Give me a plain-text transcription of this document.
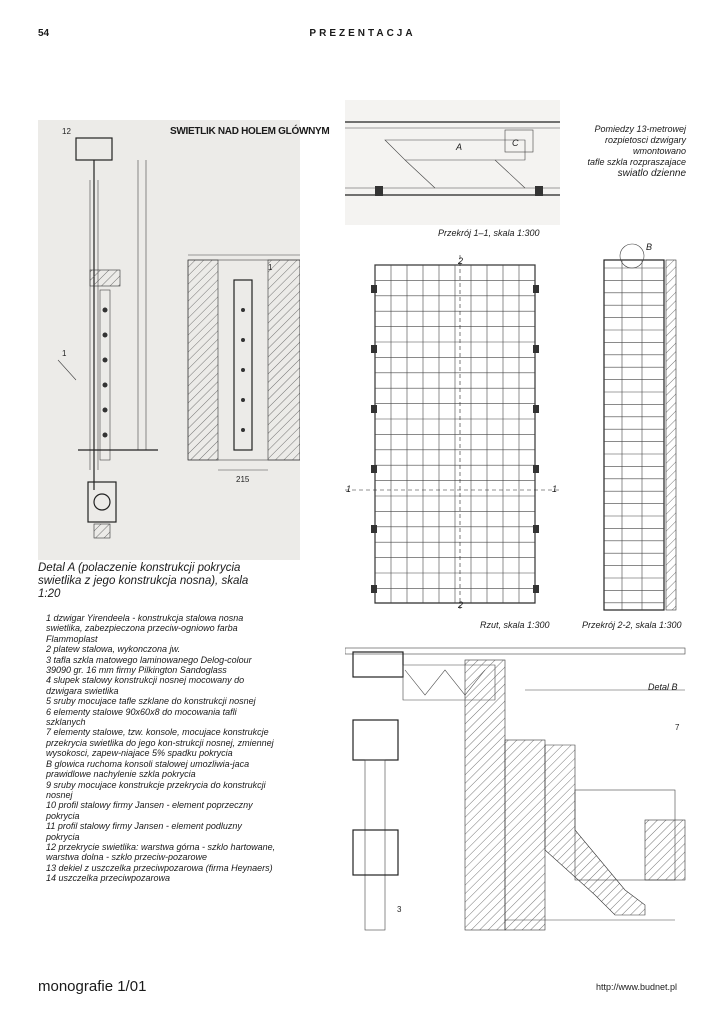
54	PREZENTACJA
215
12
1
1
SWIETLIK NAD HOLEM GLÓWNYM
Detal A (polaczenie konstrukcji pokrycia swietlika z jego konstrukcja nosna), skala 1:20
1 dzwigar Yirendeela - konstrukcja stalowa nosna swietlika, zabezpieczona przeciw-ogniowo farba Flammoplast
2 platew stalowa, wykonczona jw.
3 tafla szkla matowego laminowanego Delog-colour 39090 gr. 16 mm firmy Pilkington Sandoglass
4 slupek stalowy konstrukcji nosnej mocowany do dzwigara swietlika
5 sruby mocujace tafle szklane do konstrukcji nosnej
6 elementy stalowe 90x60x8 do mocowania tafli szklanych
7 elementy stalowe, tzw. konsole, mocujace konstrukcje przekrycia swietlika do jego kon-strukcji nosnej, zmiennej wysokosci, zapew-niajace 5% spadku pokrycia
B glowica ruchoma konsoli stalowej umozliwia-jaca prawidlowe nachylenie szkla pokrycia
9 sruby mocujace konstrukcje przekrycia do konstrukcji nosnej
10 profil stalowy firmy Jansen - element poprzeczny pokrycia
11 profil stalowy firmy Jansen - element podluzny pokrycia
12 przekrycie swietlika: warstwa górna - szklo hartowane, warstwa dolna - szklo przeciw-pozarowe
13 dekiel z uszczelka przeciwpozarowa (firma Heynaers)
14 uszczelka przeciwpozarowa
A	C
Przekrój 1–1, skala 1:300
Pomiedzy 13-metrowej
rozpietosci dzwigary
wmontowano
tafle szkla rozpraszajace
swiatlo dzienne
2
1	1
2
Rzut, skala 1:300
B
Przekrój 2-2, skala 1:300
3
7
Detal B
monografie 1/01	http://www.budnet.pl
